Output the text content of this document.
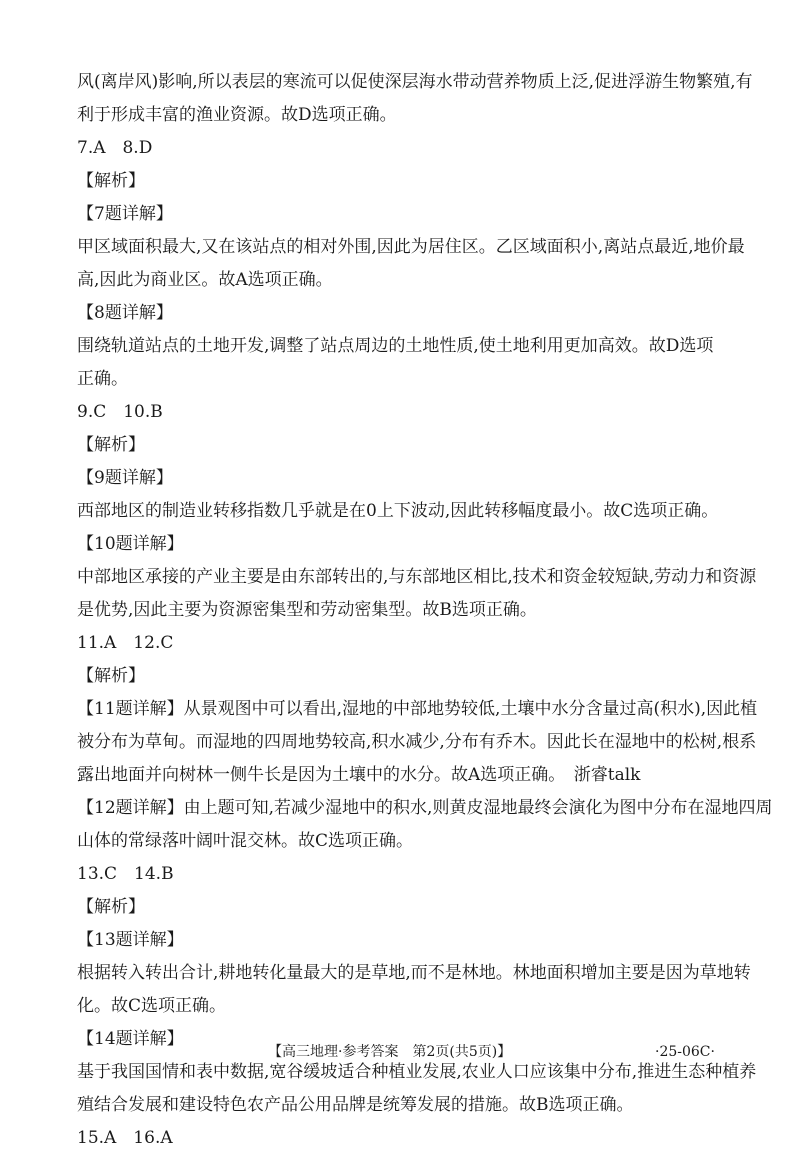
风(离岸风)影响,所以表层的寒流可以促使深层海水带动营养物质上泛,促进浮游生物繁殖,有
利于形成丰富的渔业资源。故D选项正确。
7.A　8.D
【解析】
【7题详解】
甲区域面积最大,又在该站点的相对外围,因此为居住区。乙区域面积小,离站点最近,地价最
高,因此为商业区。故A选项正确。
【8题详解】
围绕轨道站点的土地开发,调整了站点周边的土地性质,使土地利用更加高效。故D选项
正确。
9.C　10.B
【解析】
【9题详解】
西部地区的制造业转移指数几乎就是在0上下波动,因此转移幅度最小。故C选项正确。
【10题详解】
中部地区承接的产业主要是由东部转出的,与东部地区相比,技术和资金较短缺,劳动力和资源
是优势,因此主要为资源密集型和劳动密集型。故B选项正确。
11.A　12.C
【解析】
【11题详解】从景观图中可以看出,湿地的中部地势较低,土壤中水分含量过高(积水),因此植
被分布为草甸。而湿地的四周地势较高,积水减少,分布有乔木。因此长在湿地中的松树,根系
露出地面并向树林一侧牛长是因为土壤中的水分。故A选项正确。　浙睿talk
【12题详解】由上题可知,若减少湿地中的积水,则黄皮湿地最终会演化为图中分布在湿地四周
山体的常绿落叶阔叶混交林。故C选项正确。
13.C　14.B
【解析】
【13题详解】
根据转入转出合计,耕地转化量最大的是草地,而不是林地。林地面积增加主要是因为草地转
化。故C选项正确。
【14题详解】
基于我国国情和表中数据,宽谷缓坡适合种植业发展,农业人口应该集中分布,推进生态种植养
殖结合发展和建设特色农产品公用品牌是统筹发展的措施。故B选项正确。
15.A　16.A
【高三地理·参考答案　第2页(共5页)】	·25-06C·
